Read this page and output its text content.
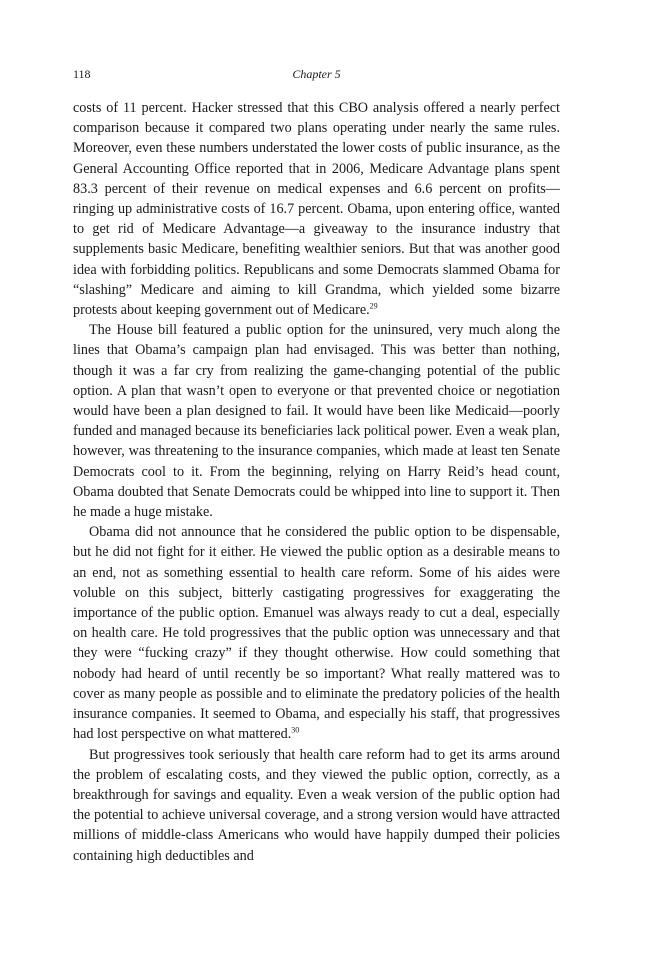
118	Chapter 5

costs of 11 percent. Hacker stressed that this CBO analysis offered a nearly perfect comparison because it compared two plans operating under nearly the same rules. Moreover, even these numbers understated the lower costs of public insurance, as the General Accounting Office reported that in 2006, Medicare Advantage plans spent 83.3 percent of their revenue on medical expenses and 6.6 percent on profits—ringing up administrative costs of 16.7 percent. Obama, upon entering office, wanted to get rid of Medicare Advantage—a giveaway to the insurance industry that supplements basic Medicare, benefiting wealthier seniors. But that was another good idea with forbidding politics. Republicans and some Democrats slammed Obama for “slashing” Medicare and aiming to kill Grandma, which yielded some bizarre protests about keeping government out of Medicare.$^{29}$

The House bill featured a public option for the uninsured, very much along the lines that Obama’s campaign plan had envisaged. This was better than nothing, though it was a far cry from realizing the game-changing potential of the public option. A plan that wasn’t open to everyone or that prevented choice or negotiation would have been a plan designed to fail. It would have been like Medicaid—poorly funded and managed because its beneficiaries lack political power. Even a weak plan, however, was threatening to the insurance companies, which made at least ten Senate Democrats cool to it. From the beginning, relying on Harry Reid’s head count, Obama doubted that Senate Democrats could be whipped into line to support it. Then he made a huge mistake.

Obama did not announce that he considered the public option to be dispensable, but he did not fight for it either. He viewed the public option as a desirable means to an end, not as something essential to health care reform. Some of his aides were voluble on this subject, bitterly castigating progressives for exaggerating the importance of the public option. Emanuel was always ready to cut a deal, especially on health care. He told progressives that the public option was unnecessary and that they were “fucking crazy” if they thought otherwise. How could something that nobody had heard of until recently be so important? What really mattered was to cover as many people as possible and to eliminate the predatory policies of the health insurance companies. It seemed to Obama, and especially his staff, that progressives had lost perspective on what mattered.$^{30}$

But progressives took seriously that health care reform had to get its arms around the problem of escalating costs, and they viewed the public option, correctly, as a breakthrough for savings and equality. Even a weak version of the public option had the potential to achieve universal coverage, and a strong version would have attracted millions of middle-class Americans who would have happily dumped their policies containing high deductibles and
